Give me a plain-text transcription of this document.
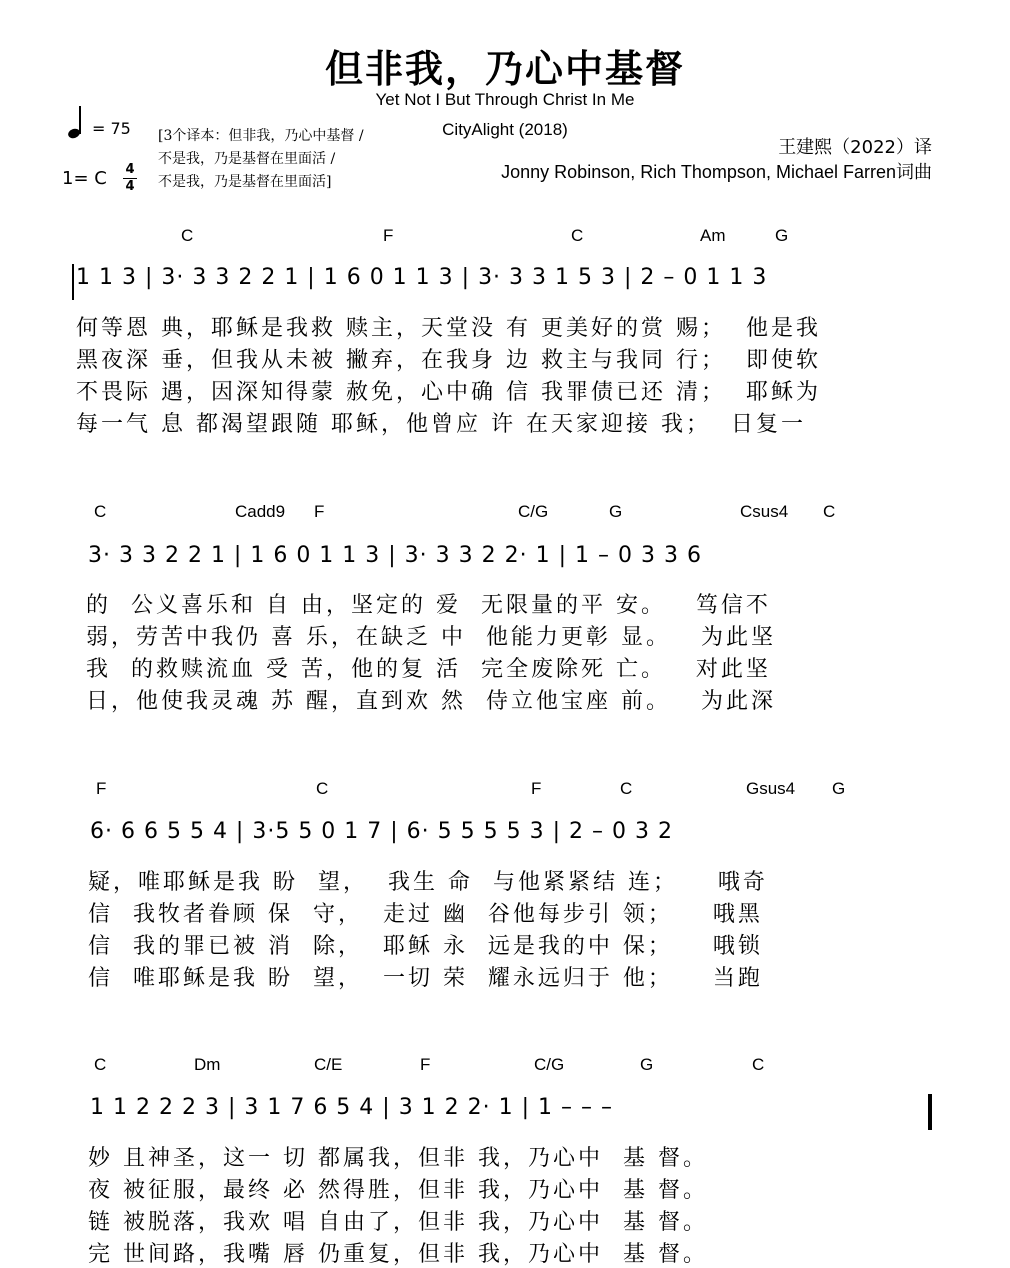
但非我，乃心中基督
Yet Not I But Through Christ In Me
CityAlight (2018)
王建熙（2022）译
Jonny Robinson, Rich Thompson, Michael Farren词曲
= 75
1= C 4
4
[3个译本：但非我，乃心中基督 /
不是我，乃是基督在里面活 /
不是我，乃是基督在里面活]
C	F	C	Am	G
1 1 3 | 3· 3 3 2 2 1 | 1 6 0 1 1 3 | 3· 3 3 1 5 3 | 2 – 0 1 1 3
何等恩 典，耶稣是我救 赎主，天堂没 有 更美好的赏 赐；  他是我
黑夜深 垂，但我从未被 撇弃，在我身 边 救主与我同 行；  即使软
不畏际 遇，因深知得蒙 赦免，心中确 信 我罪债已还 清；  耶稣为
每一气 息 都渴望跟随 耶稣，他曾应 许 在天家迎接 我；  日复一
C	Cadd9 F	C/G	G	Csus4 C
3· 3 3 2 2 1 | 1 6 0 1 1 3 | 3· 3 3 2 2· 1 | 1 – 0 3 3 6
的  公义喜乐和 自 由，坚定的 爱  无限量的平 安。   笃信不
弱，劳苦中我仍 喜 乐，在缺乏 中  他能力更彰 显。   为此坚
我  的救赎流血 受 苦，他的复 活  完全废除死 亡。   对此坚
日，他使我灵魂 苏 醒，直到欢 然  侍立他宝座 前。   为此深
F	C	F	C	Gsus4 G
6· 6 6 5 5 4 | 3·5 5 0 1 7 | 6· 5 5 5 5 3 | 2 – 0 3 2
疑，唯耶稣是我 盼  望，  我生 命  与他紧紧结 连；    哦奇
信  我牧者眷顾 保  守，  走过 幽  谷他每步引 领；    哦黑
信  我的罪已被 消  除，  耶稣 永  远是我的中 保；    哦锁
信  唯耶稣是我 盼  望，  一切 荣  耀永远归于 他；    当跑
C	Dm	C/E	F	C/G	G	C
1 1 2 2 2 3 | 3 1 7 6 5 4 | 3 1 2 2· 1 | 1 – – –
妙 且神圣，这一 切 都属我，但非 我，乃心中  基 督。
夜 被征服，最终 必 然得胜，但非 我，乃心中  基 督。
链 被脱落，我欢 唱 自由了，但非 我，乃心中  基 督。
完 世间路，我嘴 唇 仍重复，但非 我，乃心中  基 督。
